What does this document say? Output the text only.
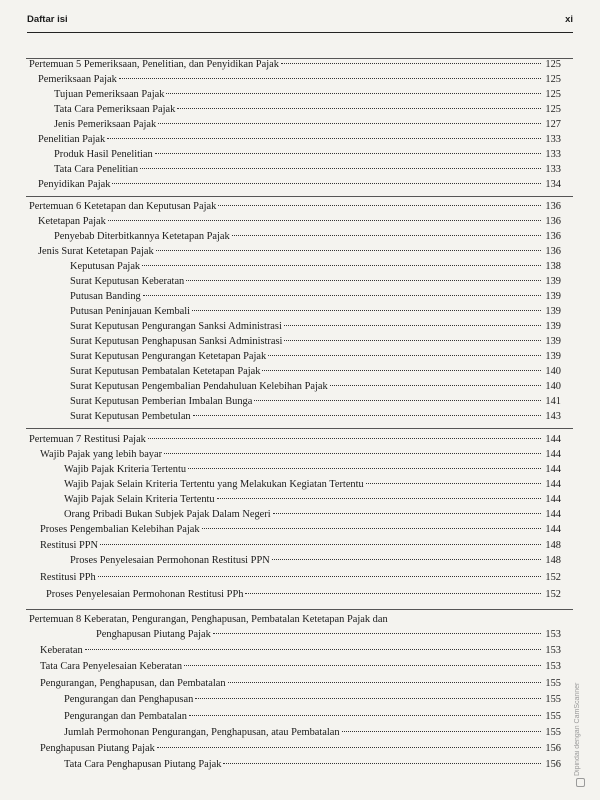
Daftar isi	xi
Pertemuan 5 Pemeriksaan, Penelitian, dan Penyidikan Pajak	125
Pemeriksaan Pajak	125
Tujuan Pemeriksaan Pajak	125
Tata Cara Pemeriksaan Pajak	125
Jenis Pemeriksaan Pajak	127
Penelitian Pajak	133
Produk Hasil Penelitian	133
Tata Cara Penelitian	133
Penyidikan Pajak	134
Pertemuan 6 Ketetapan dan Keputusan Pajak	136
Ketetapan Pajak	136
Penyebab Diterbitkannya Ketetapan Pajak	136
Jenis Surat Ketetapan Pajak	136
Keputusan Pajak	138
Surat Keputusan Keberatan	139
Putusan Banding	139
Putusan Peninjauan Kembali	139
Surat Keputusan Pengurangan Sanksi Administrasi	139
Surat Keputusan Penghapusan Sanksi Administrasi	139
Surat Keputusan Pengurangan Ketetapan Pajak	139
Surat Keputusan Pembatalan Ketetapan Pajak	140
Surat Keputusan Pengembalian Pendahuluan Kelebihan Pajak	140
Surat Keputusan Pemberian Imbalan Bunga	141
Surat Keputusan Pembetulan	143
Pertemuan 7 Restitusi Pajak	144
Wajib Pajak yang lebih bayar	144
Wajib Pajak Kriteria Tertentu	144
Wajib Pajak Selain Kriteria Tertentu yang Melakukan Kegiatan Tertentu	144
Wajib Pajak Selain Kriteria Tertentu	144
Orang Pribadi Bukan Subjek Pajak Dalam Negeri	144
Proses Pengembalian Kelebihan Pajak	144
Restitusi PPN	148
Proses Penyelesaian Permohonan Restitusi PPN	148
Restitusi PPh	152
Proses Penyelesaian Permohonan Restitusi PPh	152
Pertemuan 8 Keberatan, Pengurangan, Penghapusan, Pembatalan Ketetapan Pajak dan
Penghapusan Piutang Pajak	153
Keberatan	153
Tata Cara Penyelesaian Keberatan	153
Pengurangan, Penghapusan, dan Pembatalan	155
Pengurangan dan Penghapusan	155
Pengurangan dan Pembatalan	155
Jumlah Permohonan Pengurangan, Penghapusan, atau Pembatalan	155
Penghapusan Piutang Pajak	156
Tata Cara Penghapusan Piutang Pajak	156 Dipindai dengan CamScanner
